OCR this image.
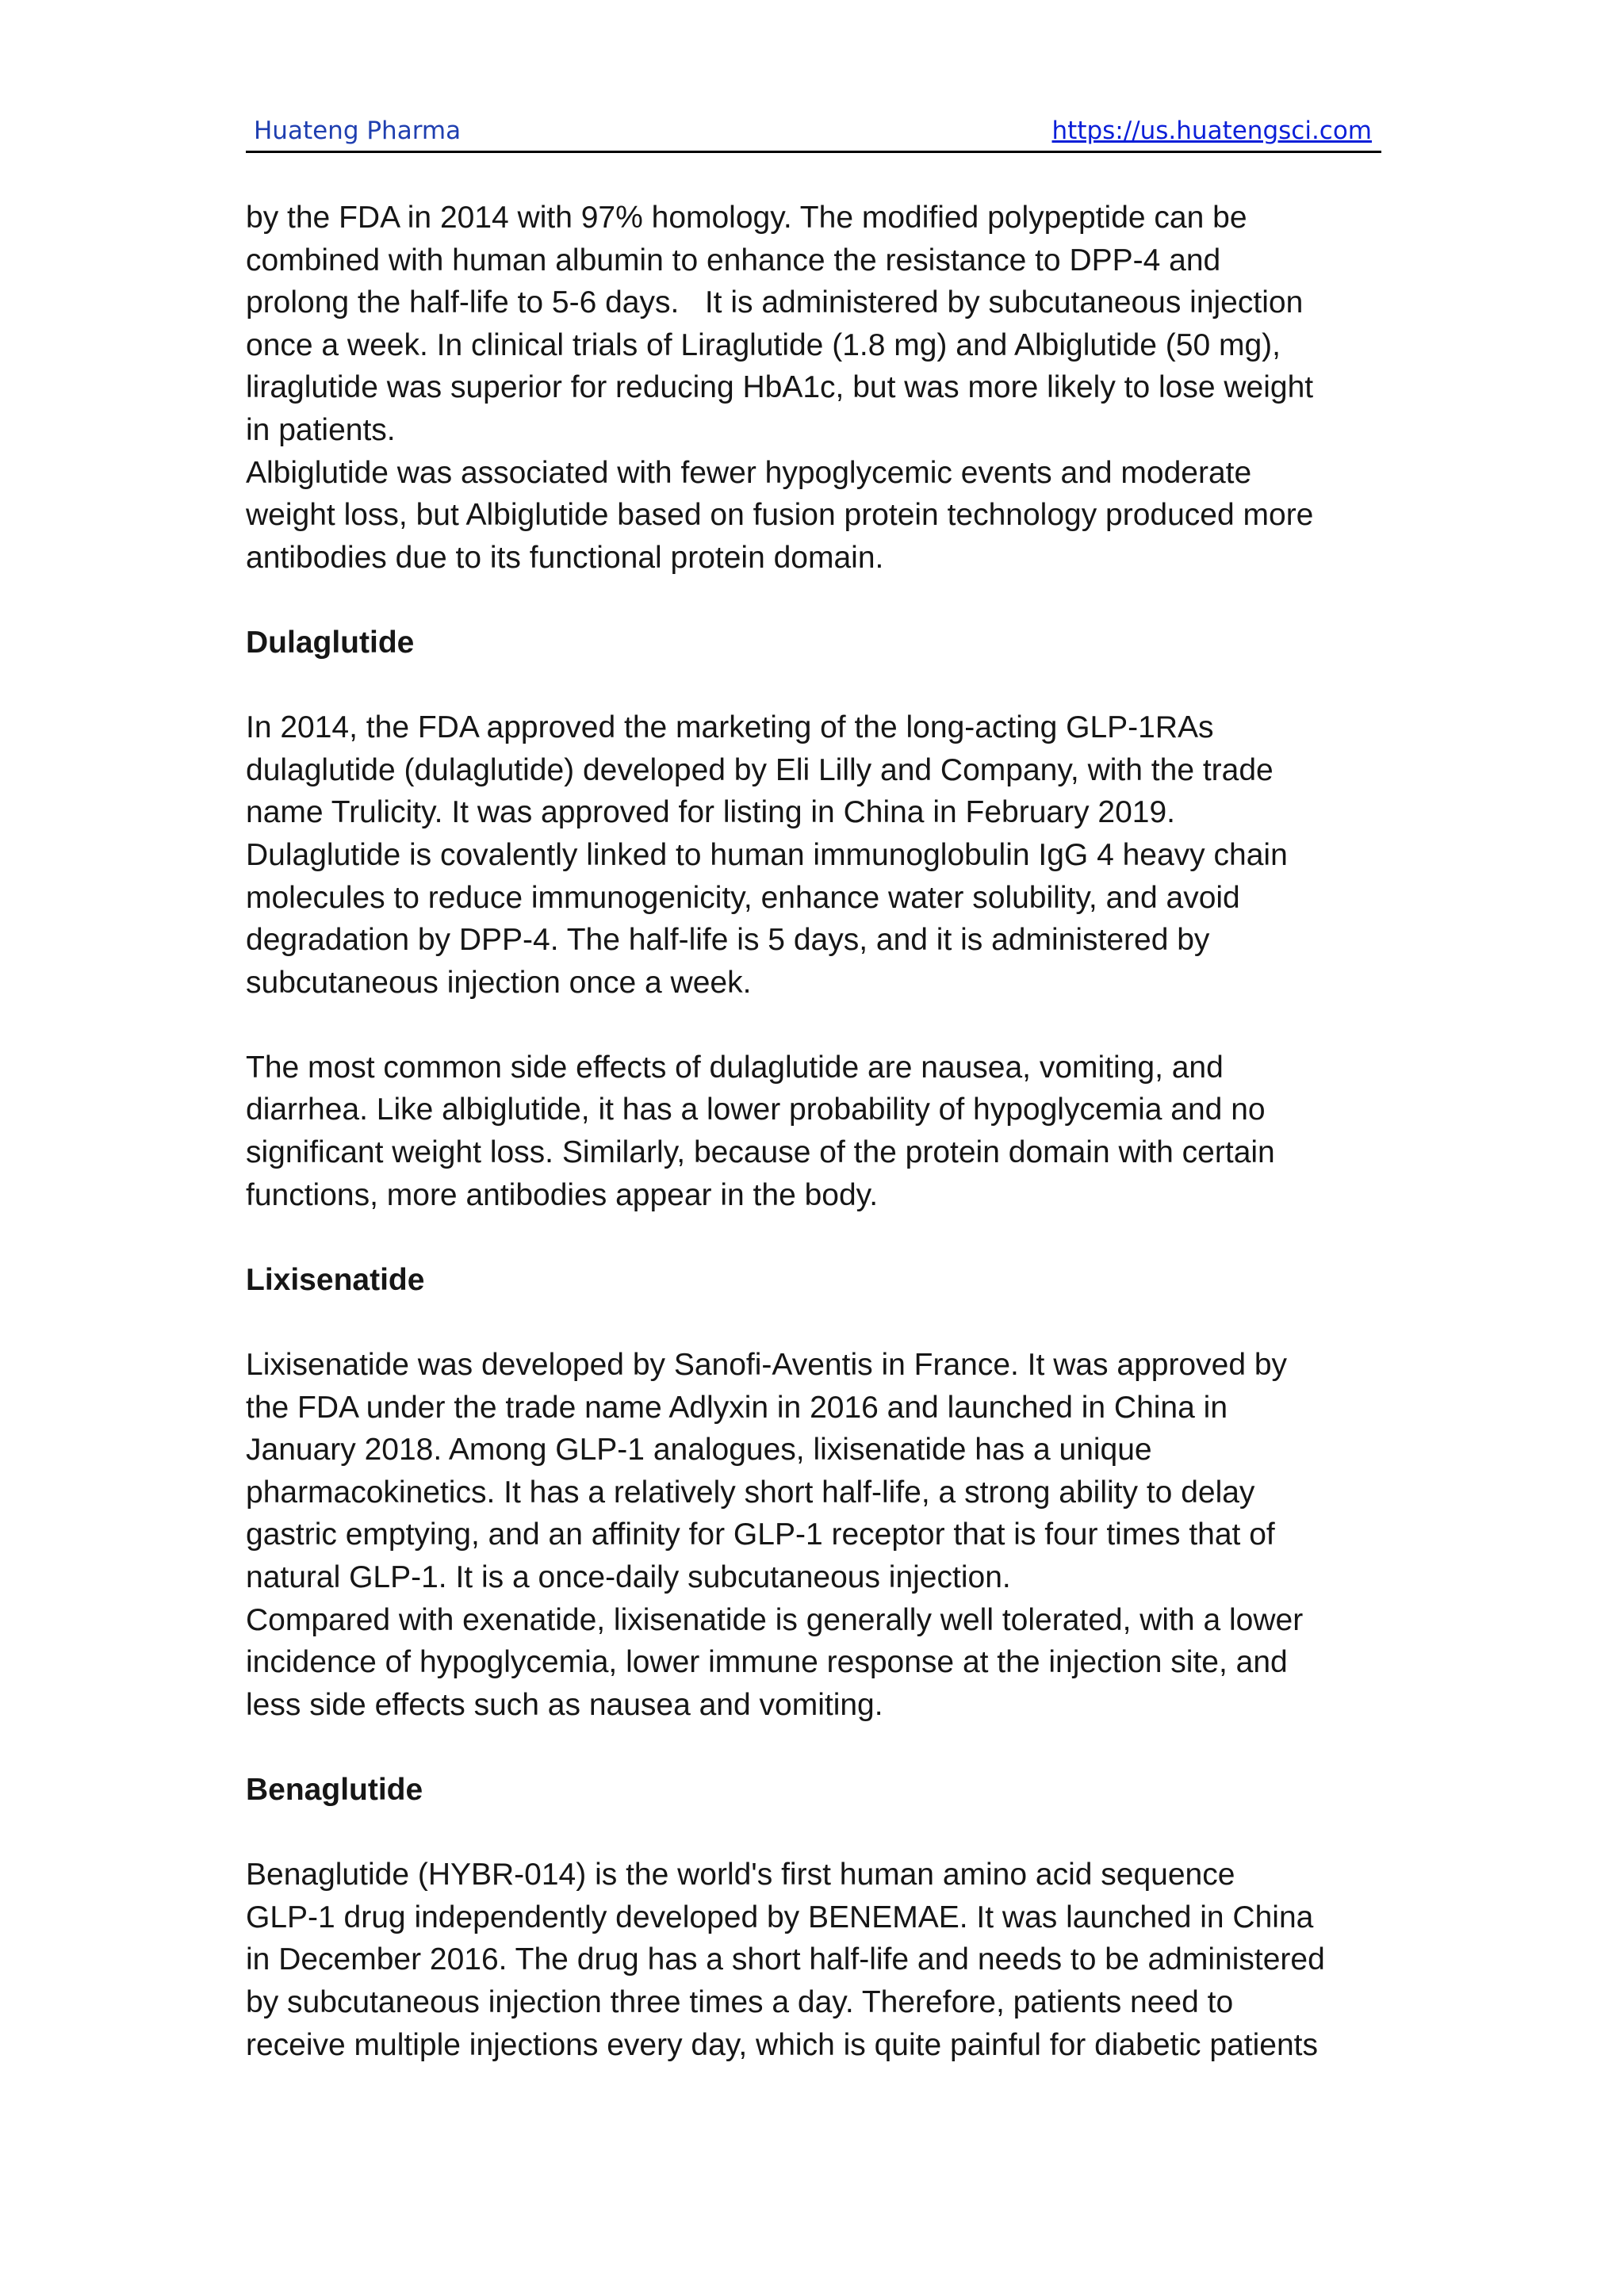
Huateng Pharma	https://us.huatengsci.com

by the FDA in 2014 with 97% homology. The modified polypeptide can be
combined with human albumin to enhance the resistance to DPP-4 and
prolong the half-life to 5-6 days.   It is administered by subcutaneous injection
once a week. In clinical trials of Liraglutide (1.8 mg) and Albiglutide (50 mg),
liraglutide was superior for reducing HbA1c, but was more likely to lose weight
in patients.

Albiglutide was associated with fewer hypoglycemic events and moderate
weight loss, but Albiglutide based on fusion protein technology produced more
antibodies due to its functional protein domain.

Dulaglutide

In 2014, the FDA approved the marketing of the long-acting GLP-1RAs
dulaglutide (dulaglutide) developed by Eli Lilly and Company, with the trade
name Trulicity. It was approved for listing in China in February 2019.
Dulaglutide is covalently linked to human immunoglobulin IgG 4 heavy chain
molecules to reduce immunogenicity, enhance water solubility, and avoid
degradation by DPP-4. The half-life is 5 days, and it is administered by
subcutaneous injection once a week.

The most common side effects of dulaglutide are nausea, vomiting, and
diarrhea. Like albiglutide, it has a lower probability of hypoglycemia and no
significant weight loss. Similarly, because of the protein domain with certain
functions, more antibodies appear in the body.

Lixisenatide

Lixisenatide was developed by Sanofi-Aventis in France. It was approved by
the FDA under the trade name Adlyxin in 2016 and launched in China in
January 2018. Among GLP-1 analogues, lixisenatide has a unique
pharmacokinetics. It has a relatively short half-life, a strong ability to delay
gastric emptying, and an affinity for GLP-1 receptor that is four times that of
natural GLP-1. It is a once-daily subcutaneous injection.

Compared with exenatide, lixisenatide is generally well tolerated, with a lower
incidence of hypoglycemia, lower immune response at the injection site, and
less side effects such as nausea and vomiting.

Benaglutide

Benaglutide (HYBR-014) is the world's first human amino acid sequence
GLP-1 drug independently developed by BENEMAE. It was launched in China
in December 2016. The drug has a short half-life and needs to be administered
by subcutaneous injection three times a day. Therefore, patients need to
receive multiple injections every day, which is quite painful for diabetic patients
